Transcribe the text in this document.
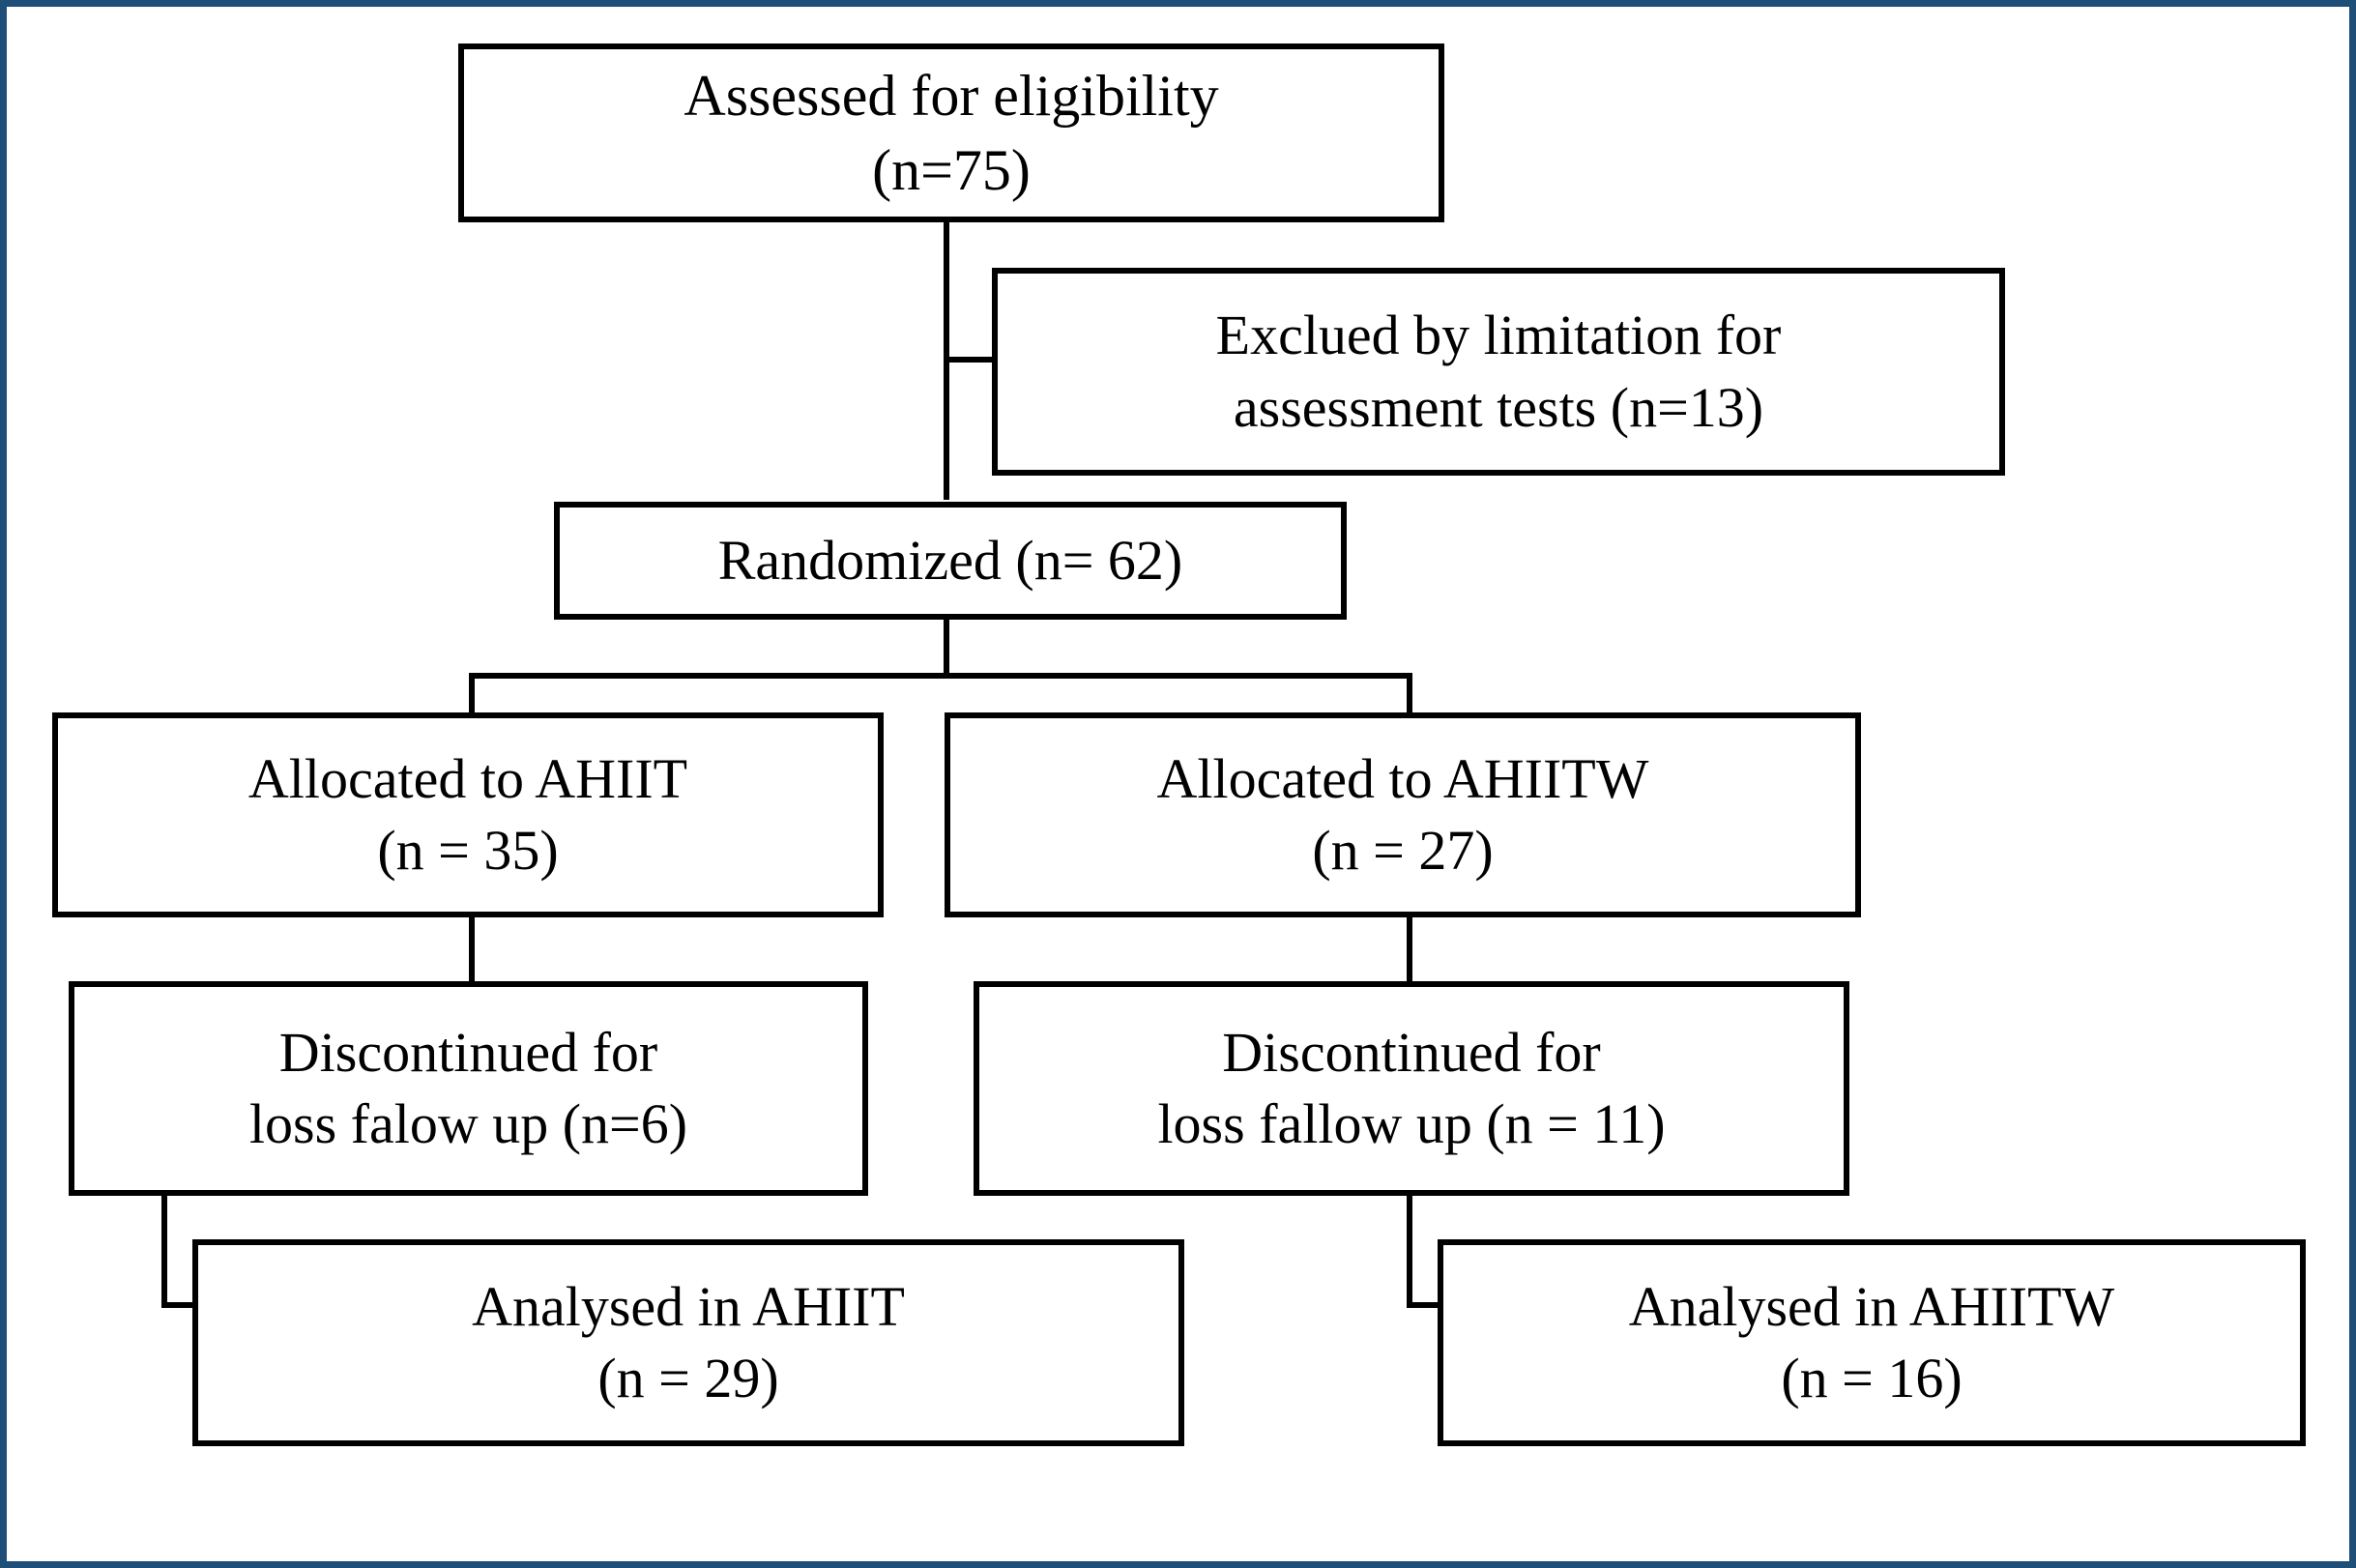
Assessed for eligibility
(n=75)
Exclued by limitation for
assessment tests (n=13)
Randomized (n= 62)
Allocated to AHIIT
(n = 35)
Allocated to AHIITW
(n = 27)
Discontinued for
loss falow up (n=6)
Discontinued for
loss fallow up (n = 11)
Analysed in AHIIT
(n = 29)
Analysed in AHIITW
(n = 16)
